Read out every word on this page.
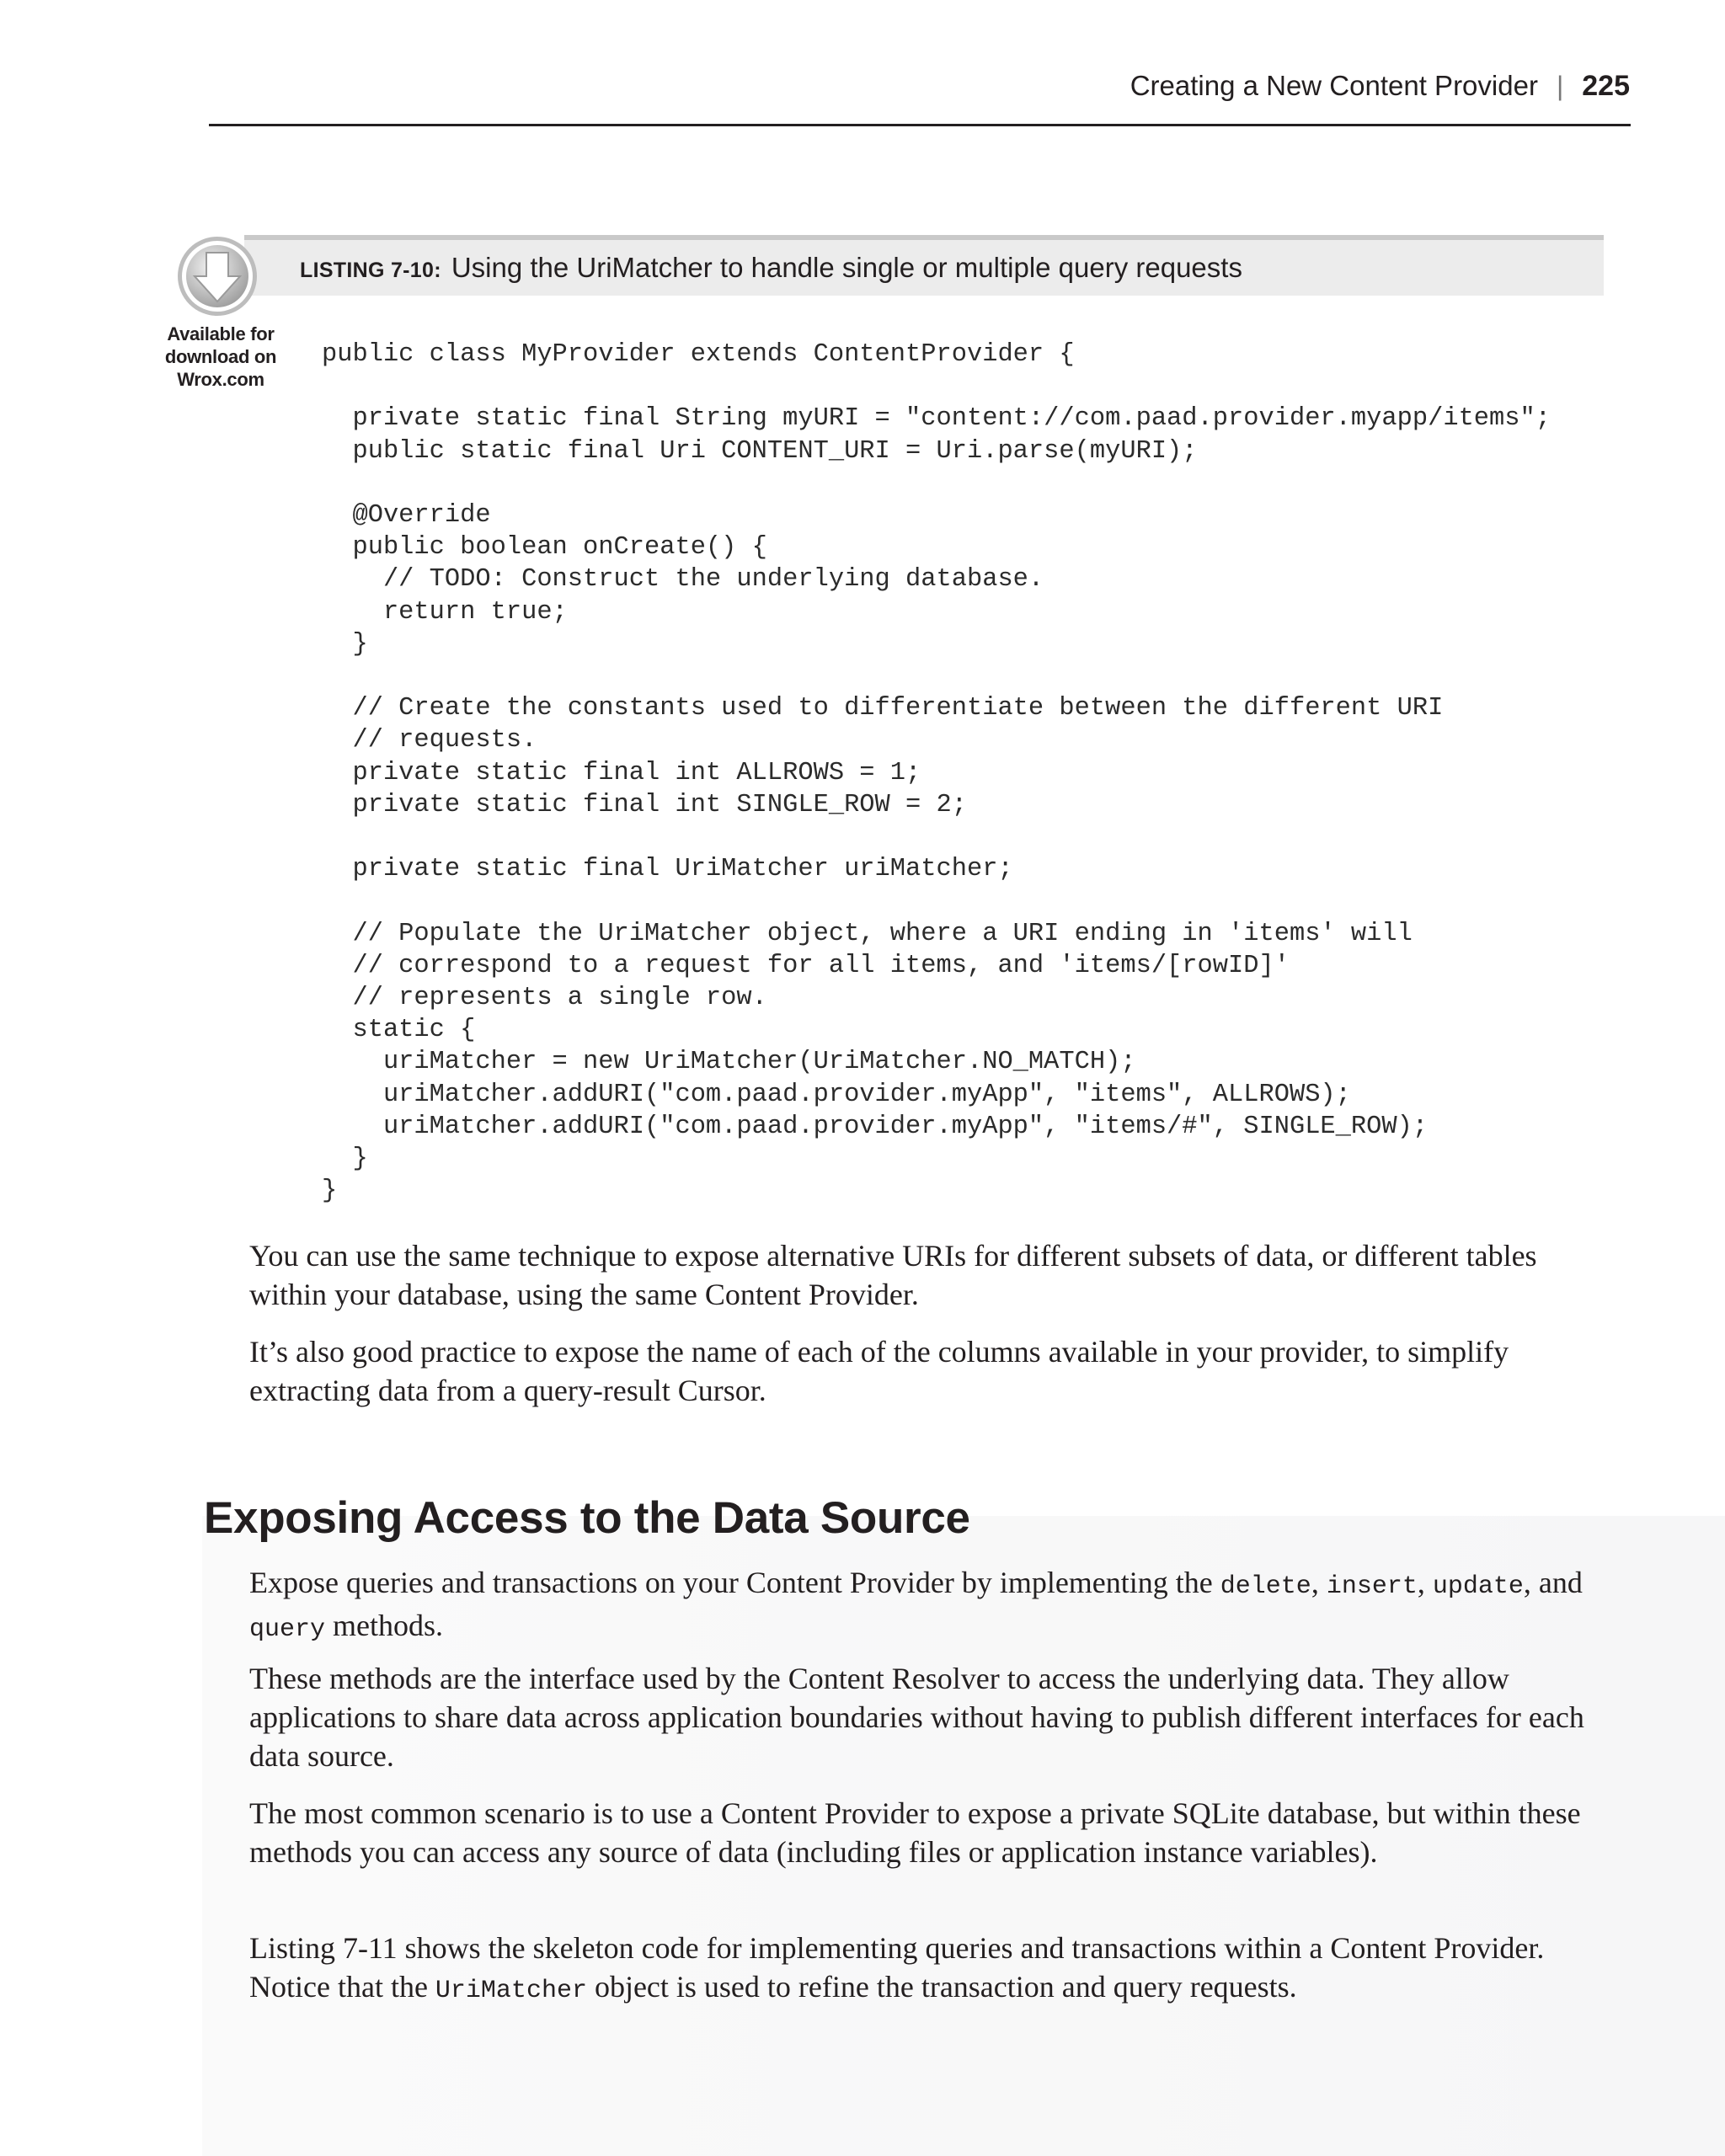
Creating a New Content Provider | 225
LISTING 7-10: Using the UriMatcher to handle single or multiple query requests
Available for
download on
Wrox.com
public class MyProvider extends ContentProvider {
private static final String myURI = "content://com.paad.provider.myapp/items";
public static final Uri CONTENT_URI = Uri.parse(myURI);
@Override
public boolean onCreate() {
// TODO: Construct the underlying database.
return true;
}
// Create the constants used to differentiate between the different URI
// requests.
private static final int ALLROWS = 1;
private static final int SINGLE_ROW = 2;
private static final UriMatcher uriMatcher;
// Populate the UriMatcher object, where a URI ending in 'items' will
// correspond to a request for all items, and 'items/[rowID]'
// represents a single row.
static {
uriMatcher = new UriMatcher(UriMatcher.NO_MATCH);
uriMatcher.addURI("com.paad.provider.myApp", "items", ALLROWS);
uriMatcher.addURI("com.paad.provider.myApp", "items/#", SINGLE_ROW);
}
}

You can use the same technique to expose alternative URIs for different subsets of data, or different tables within your database, using the same Content Provider.

It’s also good practice to expose the name of each of the columns available in your provider, to simplify extracting data from a query-result Cursor.

Exposing Access to the Data Source

Expose queries and transactions on your Content Provider by implementing the delete, insert, update, and query methods.

These methods are the interface used by the Content Resolver to access the underlying data. They allow applications to share data across application boundaries without having to publish different interfaces for each data source.

The most common scenario is to use a Content Provider to expose a private SQLite database, but within these methods you can access any source of data (including files or application instance variables).

Listing 7-11 shows the skeleton code for implementing queries and transactions within a Content Provider. Notice that the UriMatcher object is used to refine the transaction and query requests.
